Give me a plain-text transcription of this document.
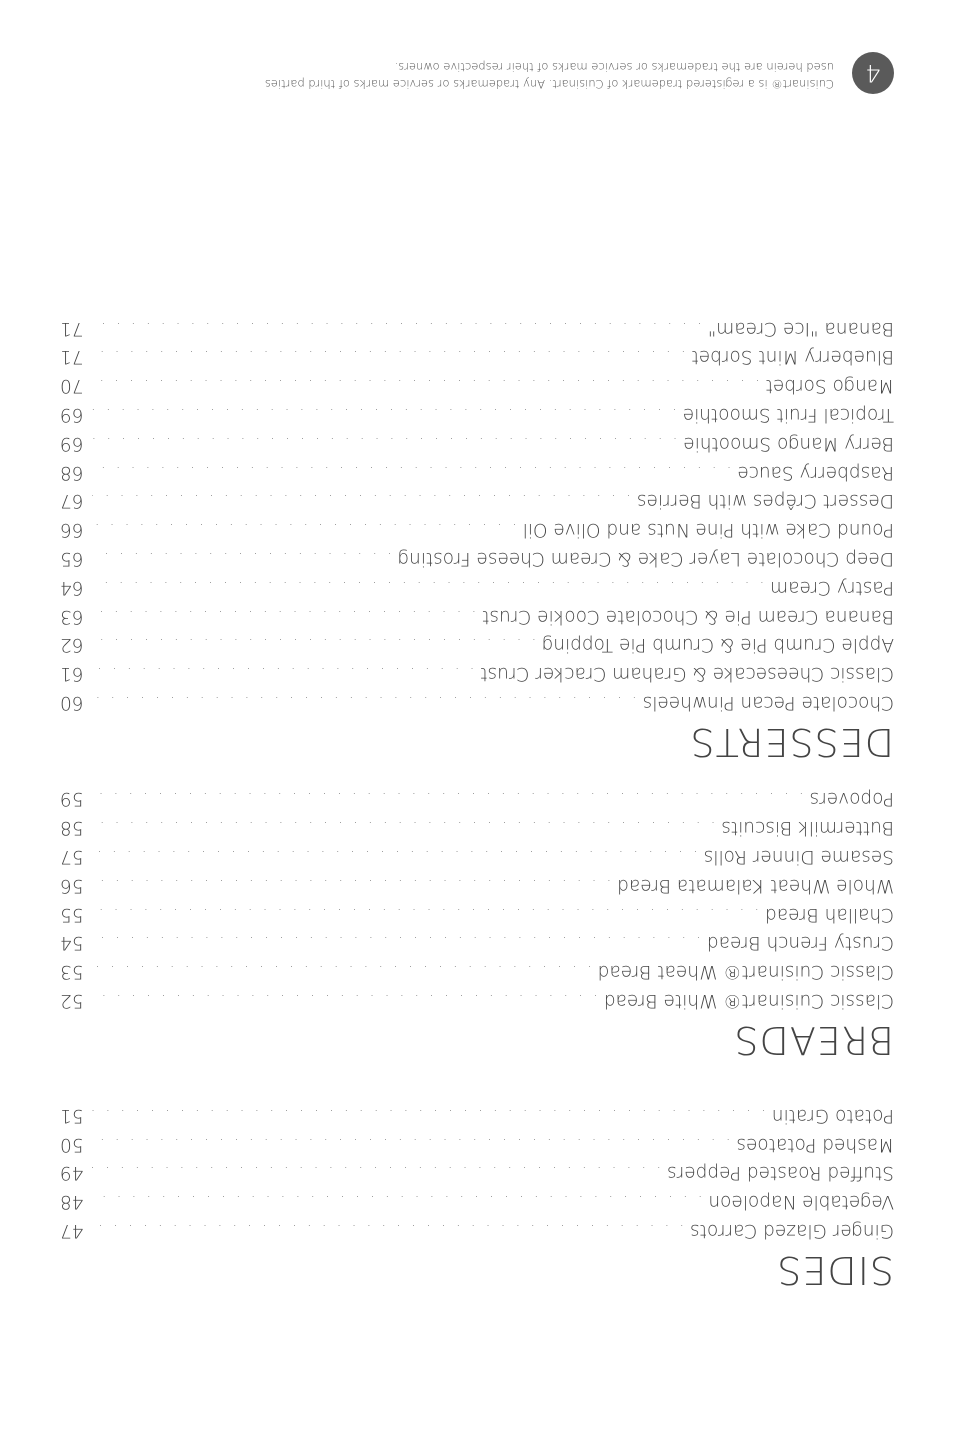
SIDES
Ginger Glazed Carrots
. . .
47
Vegetable Napoleon
. . .
48
Stuffed Roasted Peppers
. . .
49
Mashed Potatoes
. . .
50
Potato Gratin
. . .
51
BREADS
Classic Cuisinart® White Bread
. . .
52
Classic Cuisinart® Wheat Bread
. . .
53
Crusty French Bread
. . .
54
Challah Bread
. . .
55
Whole Wheat Kalamata Bread
. . .
56
Sesame Dinner Rolls
. . .
57
Buttermilk Biscuits
. . .
58
Popovers
. . .
59
DESSERTS
Chocolate Pecan Pinwheels
. . .
60
Classic Cheesecake & Graham Cracker Crust
. . .
61
Apple Crumb Pie & Crumb Pie Topping
. . .
62
Banana Cream Pie & Chocolate Cookie Crust
. . .
63
Pastry Cream
. . .
64
Deep Chocolate Layer Cake & Cream Cheese Frosting
. . .
65
Pound Cake with Pine Nuts and Olive Oil
. . .
66
Dessert Crêpes with Berries
. . .
67
Raspberry Sauce
. . .
68
Berry Mango Smoothie
. . .
69
Tropical Fruit Smoothie
. . .
69
Mango Sorbet
. . .
70
Blueberry Mint Sorbet
. . .
71
Banana "Ice Cream"
. . .
71
4
Cuisinart® is a registered trademark of Cuisinart. Any trademarks or service marks of third parties
used herein are the trademarks or service marks of their respective owners.
